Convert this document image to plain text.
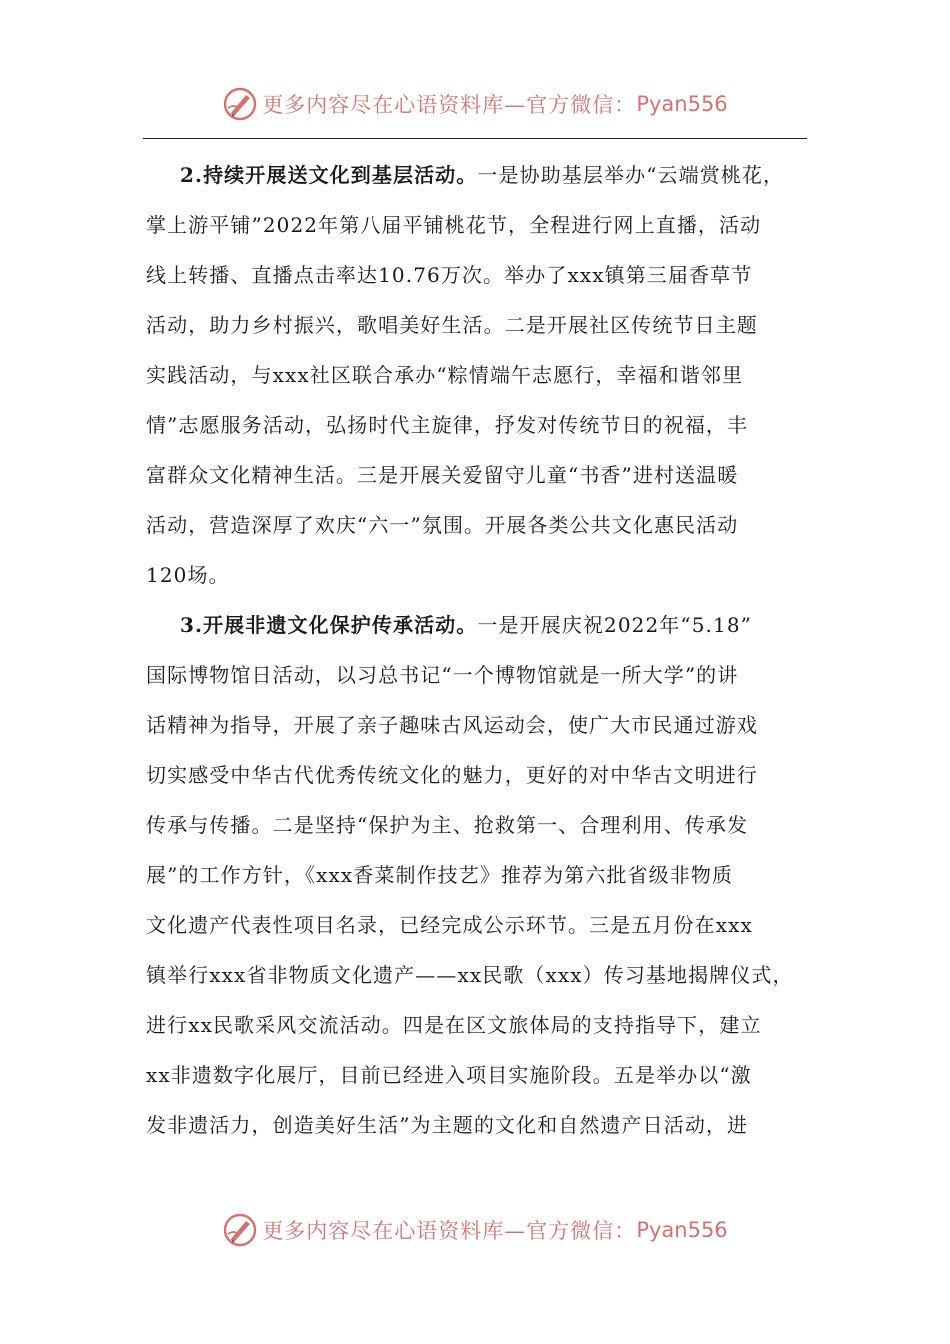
更多内容尽在心语资料库—官方微信： Pyan556
2.持续开展送文化到基层活动。一是协助基层举办“云端赏桃花，
掌上游平铺”2022年第八届平铺桃花节，全程进行网上直播，活动
线上转播、直播点击率达10.76万次。举办了xxx镇第三届香草节
活动，助力乡村振兴，歌唱美好生活。二是开展社区传统节日主题
实践活动，与xxx社区联合承办“粽情端午志愿行，幸福和谐邻里
情”志愿服务活动，弘扬时代主旋律，抒发对传统节日的祝福，丰
富群众文化精神生活。三是开展关爱留守儿童“书香”进村送温暖
活动，营造深厚了欢庆“六一”氛围。开展各类公共文化惠民活动
120场。
3.开展非遗文化保护传承活动。一是开展庆祝2022年“5.18”
国际博物馆日活动，以习总书记“一个博物馆就是一所大学”的讲
话精神为指导，开展了亲子趣味古风运动会，使广大市民通过游戏
切实感受中华古代优秀传统文化的魅力，更好的对中华古文明进行
传承与传播。二是坚持“保护为主、抢救第一、合理利用、传承发
展”的工作方针，《xxx香菜制作技艺》推荐为第六批省级非物质
文化遗产代表性项目名录，已经完成公示环节。三是五月份在xxx
镇举行xxx省非物质文化遗产——xx民歌（xxx）传习基地揭牌仪式，
进行xx民歌采风交流活动。四是在区文旅体局的支持指导下，建立
xx非遗数字化展厅，目前已经进入项目实施阶段。五是举办以“激
发非遗活力，创造美好生活”为主题的文化和自然遗产日活动，进
更多内容尽在心语资料库—官方微信： Pyan556
